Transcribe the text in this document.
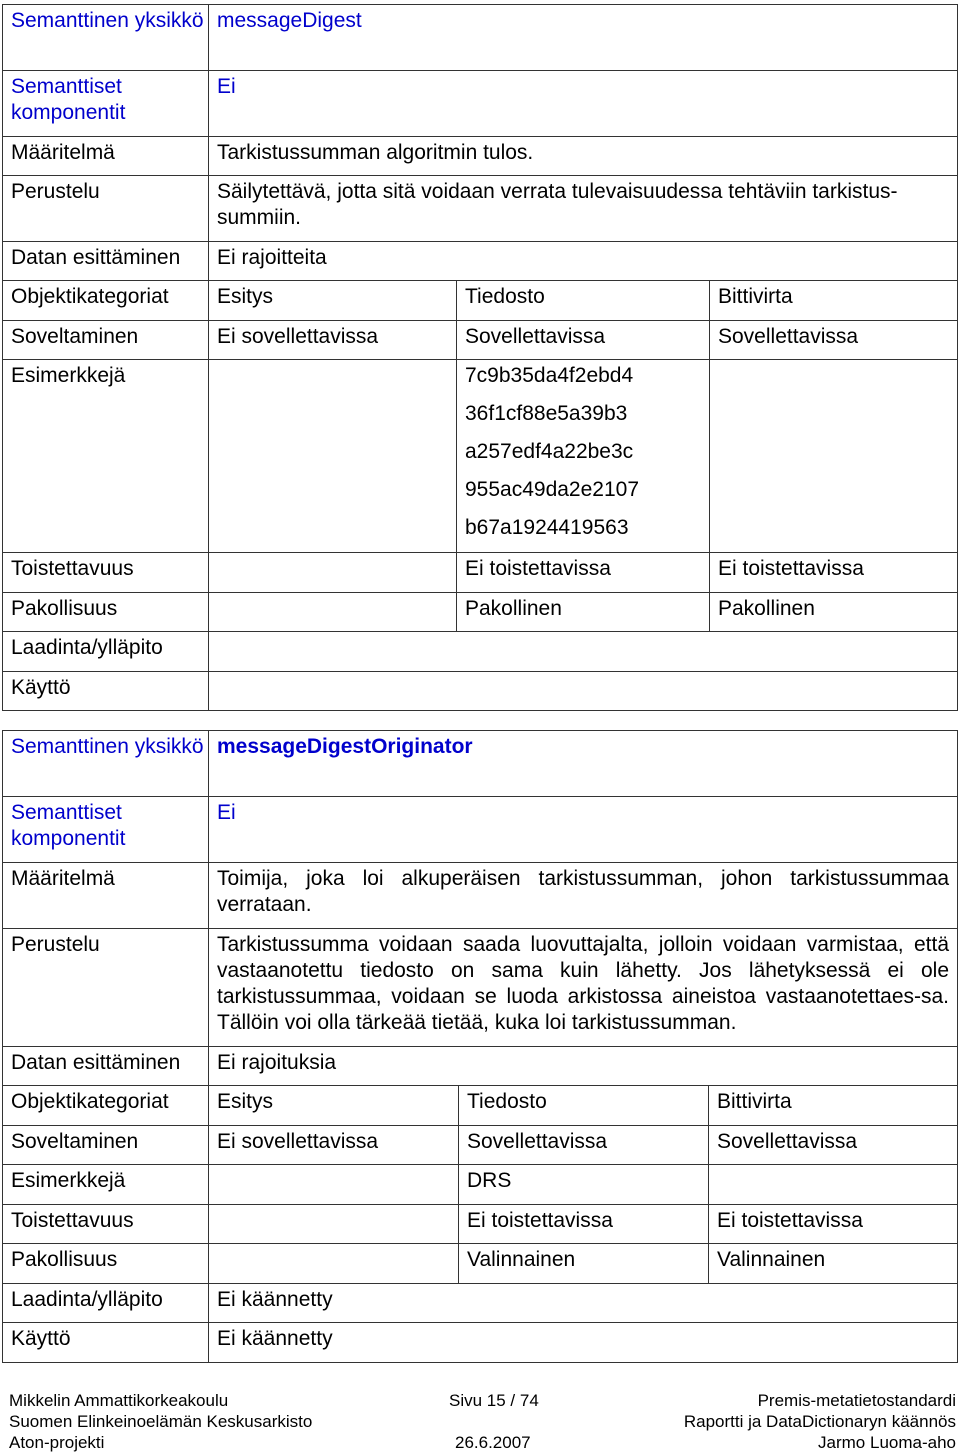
Semanttinen yksikkö	messageDigest		
Semanttiset komponentit	Ei		
Määritelmä	Tarkistussumman algoritmin tulos.		
Perustelu	Säilytettävä, jotta sitä voidaan verrata tulevaisuudessa tehtäviin tarkistus-summiin.		
Datan esittäminen	Ei rajoitteita		
Objektikategoriat	Esitys	Tiedosto	Bittivirta
Soveltaminen	Ei sovellettavissa	Sovellettavissa	Sovellettavissa
Esimerkkejä		7c9b35da4f2ebd4
36f1cf88e5a39b3
a257edf4a22be3c
955ac49da2e2107
b67a1924419563	

Toistettavuus		Ei toistettavissa	Ei toistettavissa
Pakollisuus		Pakollinen	Pakollinen
Laadinta/ylläpito			
Käyttö			
Semanttinen yksikkö	messageDigestOriginator		
Semanttiset komponentit	Ei		
Määritelmä	Toimija, joka loi alkuperäisen tarkistussumman, johon tarkistussummaa verrataan.		
Perustelu	Tarkistussumma voidaan saada luovuttajalta, jolloin voidaan varmistaa, että vastaanotettu tiedosto on sama kuin lähetty. Jos lähetyksessä ei ole tarkistussummaa, voidaan se luoda arkistossa aineistoa vastaanotettaes-sa. Tällöin voi olla tärkeää tietää, kuka loi tarkistussumman.		
Datan esittäminen	Ei rajoituksia		
Objektikategoriat	Esitys	Tiedosto	Bittivirta
Soveltaminen	Ei sovellettavissa	Sovellettavissa	Sovellettavissa
Esimerkkejä		DRS	
Toistettavuus		Ei toistettavissa	Ei toistettavissa
Pakollisuus		Valinnainen	Valinnainen
Laadinta/ylläpito	Ei käännetty		
Käyttö	Ei käännetty		
Mikkelin Ammattikorkeakoulu
Suomen Elinkeinoelämän Keskusarkisto
Aton-projekti
Sivu 15 / 74
26.6.2007
Premis-metatietostandardi
Raportti ja DataDictionaryn käännös
Jarmo Luoma-aho
